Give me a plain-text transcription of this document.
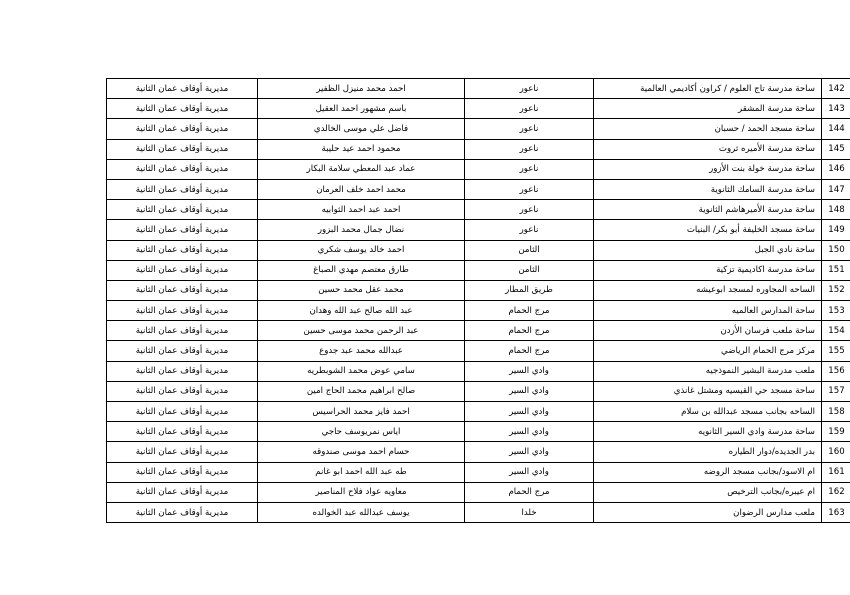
142	ساحة مدرسة تاج العلوم / كراون أكاديمي العالمية	ناعور	احمد محمد منيزل الظفير	مديرية أوقاف عمان الثانية
143	ساحة مدرسة المشقر	ناعور	باسم مشهور احمد العقيل	مديرية أوقاف عمان الثانية
144	ساحة مسجد الحمد / حسبان	ناعور	فاضل علي موسى الخالدي	مديرية أوقاف عمان الثانية
145	ساحة مدرسة الأميره ثروت	ناعور	محمود احمد عيد حليبة	مديرية أوقاف عمان الثانية
146	ساحة مدرسة خولة بنت الأزور	ناعور	عماد عبد المعطي سلامة البكار	مديرية أوقاف عمان الثانية
147	ساحة مدرسة السامك الثانوية	ناعور	محمد احمد خلف العرمان	مديرية أوقاف عمان الثانية
148	ساحة مدرسة الأميرهاشم الثانوية	ناعور	احمد عبد احمد الثوابيه	مديرية أوقاف عمان الثانية
149	ساحة مسجد الخليفة أبو بكر/ البنيات	ناعور	نضال جمال محمد البزور	مديرية أوقاف عمان الثانية
150	ساحة نادي الجبل	الثامن	احمد خالد يوسف شكري	مديرية أوقاف عمان الثانية
151	ساحة مدرسة اكاديمية تزكية	الثامن	طارق معتصم مهدي الصباغ	مديرية أوقاف عمان الثانية
152	الساحه المجاوره لمسجد ابوعيشه	طريق المطار	محمد عقل محمد حسين	مديرية أوقاف عمان الثانية
153	ساحة المدارس العالميه	مرج الحمام	عبد الله صالح عبد الله وهدان	مديرية أوقاف عمان الثانية
154	ساحة ملعب فرسان الأردن	مرج الحمام	عبد الرحمن محمد موسى حسين	مديرية أوقاف عمان الثانية
155	مركز مرج الحمام الرياضي	مرج الحمام	عبدالله محمد عبد جدوع	مديرية أوقاف عمان الثانية
156	ملعب مدرسة البشير النموذجيه	وادي السير	سامي عوض محمد الشوبطريه	مديرية أوقاف عمان الثانية
157	ساحة مسجد حي القيسيه ومشتل غانذي	وادي السير	صالح ابراهيم محمد الحاج امين	مديرية أوقاف عمان الثانية
158	الساحه بجانب مسجد عبدالله بن سلام	وادي السير	احمد فايز محمد الحراسيس	مديرية أوقاف عمان الثانية
159	ساحة مدرسة وادي السير الثانويه	وادي السير	اياس نمريوسف حاجي	مديرية أوقاف عمان الثانية
160	بدر الجديده/دوار الطياره	وادي السير	حسام احمد موسى صندوقه	مديرية أوقاف عمان الثانية
161	ام الاسود/بجانب مسجد الروضه	وادي السير	طه عبد الله احمد ابو غانم	مديرية أوقاف عمان الثانية
162	ام عيبره/بجانب الترخيص	مرج الحمام	معاويه عواد فلاح المناصير	مديرية أوقاف عمان الثانية
163	ملعب مدارس الرضوان	خلدا	يوسف عبدالله عبد الخوالده	مديرية أوقاف عمان الثانية
